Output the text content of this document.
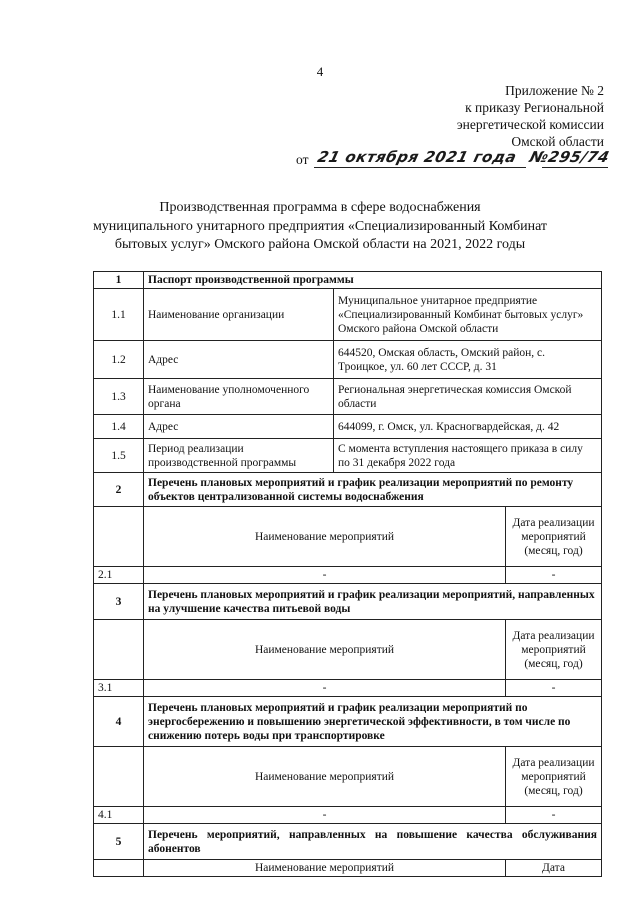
4
Приложение № 2
к приказу Региональной
энергетической комиссии
Омской области
от 21 октября 2021 года №295/74
Производственная программа в сфере водоснабжения
муниципального унитарного предприятия «Специализированный Комбинат
бытовых услуг» Омского района Омской области на 2021, 2022 годы
1	Паспорт производственной программы		
1.1	Наименование организации	Муниципальное унитарное предприятие «Специализированный Комбинат бытовых услуг» Омского района Омской области	
1.2	Адрес	644520, Омская область, Омский район, с. Троицкое, ул. 60 лет СССР, д. 31	
1.3	Наименование уполномоченного органа	Региональная энергетическая комиссия Омской области	
1.4	Адрес	644099, г. Омск, ул. Красногвардейская, д. 42	
1.5	Период реализации производственной программы	С момента вступления настоящего приказа в силу по 31 декабря 2022 года	
2	Перечень плановых мероприятий и график реализации мероприятий по ремонту объектов централизованной системы водоснабжения		
	Наименование мероприятий		Дата реализации мероприятий (месяц, год)
2.1	-		-
3	Перечень плановых мероприятий и график реализации мероприятий, направленных на улучшение качества питьевой воды		
	Наименование мероприятий		Дата реализации мероприятий (месяц, год)
3.1	-		-
4	Перечень плановых мероприятий и график реализации мероприятий по энергосбережению и повышению энергетической эффективности, в том числе по снижению потерь воды при транспортировке		
	Наименование мероприятий		Дата реализации мероприятий (месяц, год)
4.1	-		-
5	Перечень мероприятий, направленных на повышение качества обслуживания абонентов		
	Наименование мероприятий		Дата
